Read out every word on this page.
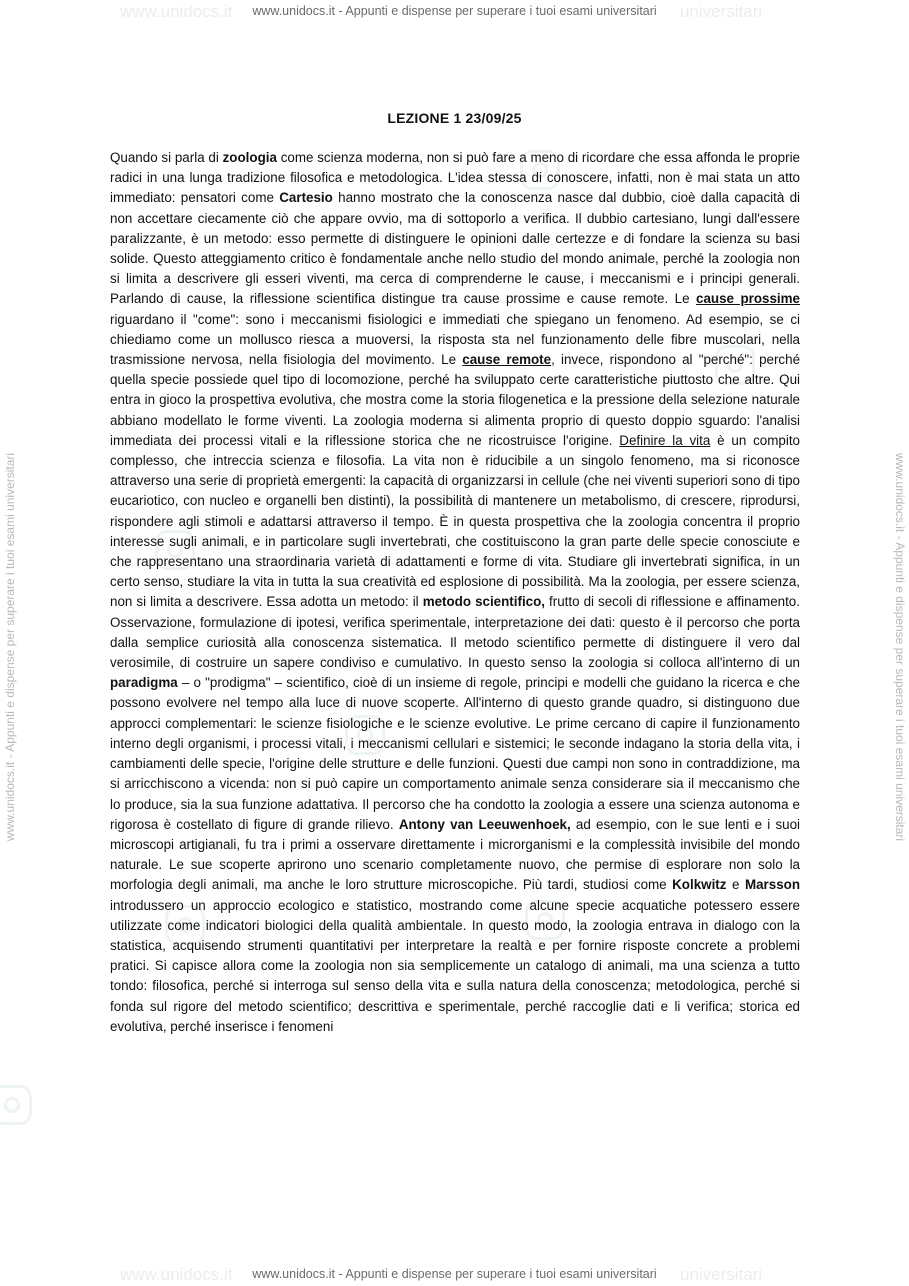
www.unidocs.it	universitari
www.unidocs.it	universitari
www.unidocs.it - Appunti e dispense per superare i tuoi esami universitari	www.unidocs.it - Appunti e dispense per superare i tuoi esami universitari
www.unidocs.it - Appunti e dispense per superare i tuoi esami universitari
www.unidocs.it - Appunti e dispense per superare i tuoi esami universitari
LEZIONE 1 23/09/25

Quando si parla di zoologia come scienza moderna, non si può fare a meno di ricordare che essa affonda le proprie radici in una lunga tradizione filosofica e metodologica. L'idea stessa di conoscere, infatti, non è mai stata un atto immediato: pensatori come Cartesio hanno mostrato che la conoscenza nasce dal dubbio, cioè dalla capacità di non accettare ciecamente ciò che appare ovvio, ma di sottoporlo a verifica. Il dubbio cartesiano, lungi dall'essere paralizzante, è un metodo: esso permette di distinguere le opinioni dalle certezze e di fondare la scienza su basi solide. Questo atteggiamento critico è fondamentale anche nello studio del mondo animale, perché la zoologia non si limita a descrivere gli esseri viventi, ma cerca di comprenderne le cause, i meccanismi e i principi generali. Parlando di cause, la riflessione scientifica distingue tra cause prossime e cause remote. Le cause prossime riguardano il "come": sono i meccanismi fisiologici e immediati che spiegano un fenomeno. Ad esempio, se ci chiediamo come un mollusco riesca a muoversi, la risposta sta nel funzionamento delle fibre muscolari, nella trasmissione nervosa, nella fisiologia del movimento. Le cause remote, invece, rispondono al "perché": perché quella specie possiede quel tipo di locomozione, perché ha sviluppato certe caratteristiche piuttosto che altre. Qui entra in gioco la prospettiva evolutiva, che mostra come la storia filogenetica e la pressione della selezione naturale abbiano modellato le forme viventi. La zoologia moderna si alimenta proprio di questo doppio sguardo: l'analisi immediata dei processi vitali e la riflessione storica che ne ricostruisce l'origine. Definire la vita è un compito complesso, che intreccia scienza e filosofia. La vita non è riducibile a un singolo fenomeno, ma si riconosce attraverso una serie di proprietà emergenti: la capacità di organizzarsi in cellule (che nei viventi superiori sono di tipo eucariotico, con nucleo e organelli ben distinti), la possibilità di mantenere un metabolismo, di crescere, riprodursi, rispondere agli stimoli e adattarsi attraverso il tempo. È in questa prospettiva che la zoologia concentra il proprio interesse sugli animali, e in particolare sugli invertebrati, che costituiscono la gran parte delle specie conosciute e che rappresentano una straordinaria varietà di adattamenti e forme di vita. Studiare gli invertebrati significa, in un certo senso, studiare la vita in tutta la sua creatività ed esplosione di possibilità. Ma la zoologia, per essere scienza, non si limita a descrivere. Essa adotta un metodo: il metodo scientifico, frutto di secoli di riflessione e affinamento. Osservazione, formulazione di ipotesi, verifica sperimentale, interpretazione dei dati: questo è il percorso che porta dalla semplice curiosità alla conoscenza sistematica. Il metodo scientifico permette di distinguere il vero dal verosimile, di costruire un sapere condiviso e cumulativo. In questo senso la zoologia si colloca all'interno di un paradigma – o "prodigma" – scientifico, cioè di un insieme di regole, principi e modelli che guidano la ricerca e che possono evolvere nel tempo alla luce di nuove scoperte. All'interno di questo grande quadro, si distinguono due approcci complementari: le scienze fisiologiche e le scienze evolutive. Le prime cercano di capire il funzionamento interno degli organismi, i processi vitali, i meccanismi cellulari e sistemici; le seconde indagano la storia della vita, i cambiamenti delle specie, l'origine delle strutture e delle funzioni. Questi due campi non sono in contraddizione, ma si arricchiscono a vicenda: non si può capire un comportamento animale senza considerare sia il meccanismo che lo produce, sia la sua funzione adattativa. Il percorso che ha condotto la zoologia a essere una scienza autonoma e rigorosa è costellato di figure di grande rilievo. Antony van Leeuwenhoek, ad esempio, con le sue lenti e i suoi microscopi artigianali, fu tra i primi a osservare direttamente i microrganismi e la complessità invisibile del mondo naturale. Le sue scoperte aprirono uno scenario completamente nuovo, che permise di esplorare non solo la morfologia degli animali, ma anche le loro strutture microscopiche. Più tardi, studiosi come Kolkwitz e Marsson introdussero un approccio ecologico e statistico, mostrando come alcune specie acquatiche potessero essere utilizzate come indicatori biologici della qualità ambientale. In questo modo, la zoologia entrava in dialogo con la statistica, acquisendo strumenti quantitativi per interpretare la realtà e per fornire risposte concrete a problemi pratici. Si capisce allora come la zoologia non sia semplicemente un catalogo di animali, ma una scienza a tutto tondo: filosofica, perché si interroga sul senso della vita e sulla natura della conoscenza; metodologica, perché si fonda sul rigore del metodo scientifico; descrittiva e sperimentale, perché raccoglie dati e li verifica; storica ed evolutiva, perché inserisce i fenomeni
